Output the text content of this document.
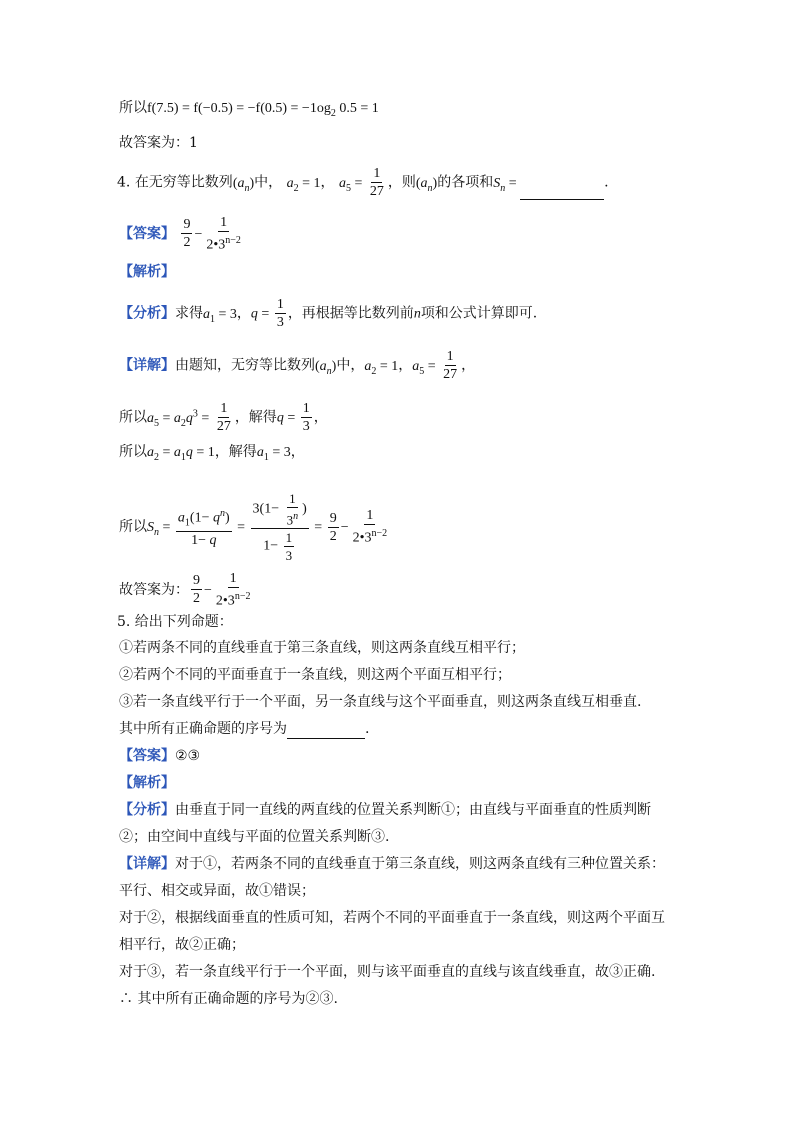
所以$f(7.5) = f(-0.5) = -f(0.5) = -1og_2$ 0.5 = 1
故答案为：1
4. 在无穷等比数列$(a_n)$中， $a_2 = 1$， $a_5 = \frac{1}{27}$ ，则$(a_n)$的各项和$S_n$ =	.
【答案】 $\frac{9}{2} - \frac{1}{2•3^{n-2}}$
【解析】
【分析】求得$a_1 = 3$，$q = \frac{1}{3}$ ，再根据等比数列前n项和公式计算即可.
【详解】由题知，无穷等比数列$(a_n)$中，$a_2 = 1$，$a_5 = \frac{1}{27}$ ，
所以$a_5 = a_2q^3 = \frac{1}{27}$ ，解得$q = \frac{1}{3}$ ，
所以$a_2 = a_1q = 1$，解得$a_1 = 3$，
所以$S_n = \frac{a_1(1- q^n)}{1- q} = \frac{3(1- \frac{1}{3^n} )}{1- \frac{1}{3}} = \frac{9}{2} - \frac{1}{2•3^{n-2}}$
故答案为： $\frac{9}{2} - \frac{1}{2•3^{n-2}}$
5. 给出下列命题：
①若两条不同的直线垂直于第三条直线，则这两条直线互相平行；
②若两个不同的平面垂直于一条直线，则这两个平面互相平行；
③若一条直线平行于一个平面，另一条直线与这个平面垂直，则这两条直线互相垂直.
其中所有正确命题的序号为	.
【答案】②③
【解析】
【分析】由垂直于同一直线的两直线的位置关系判断①；由直线与平面垂直的性质判断
②；由空间中直线与平面的位置关系判断③.
【详解】对于①，若两条不同的直线垂直于第三条直线，则这两条直线有三种位置关系：
平行、相交或异面，故①错误；
对于②，根据线面垂直的性质可知，若两个不同的平面垂直于一条直线，则这两个平面互
相平行，故②正确；
对于③，若一条直线平行于一个平面，则与该平面垂直的直线与该直线垂直，故③正确.
∴ 其中所有正确命题的序号为②③.
